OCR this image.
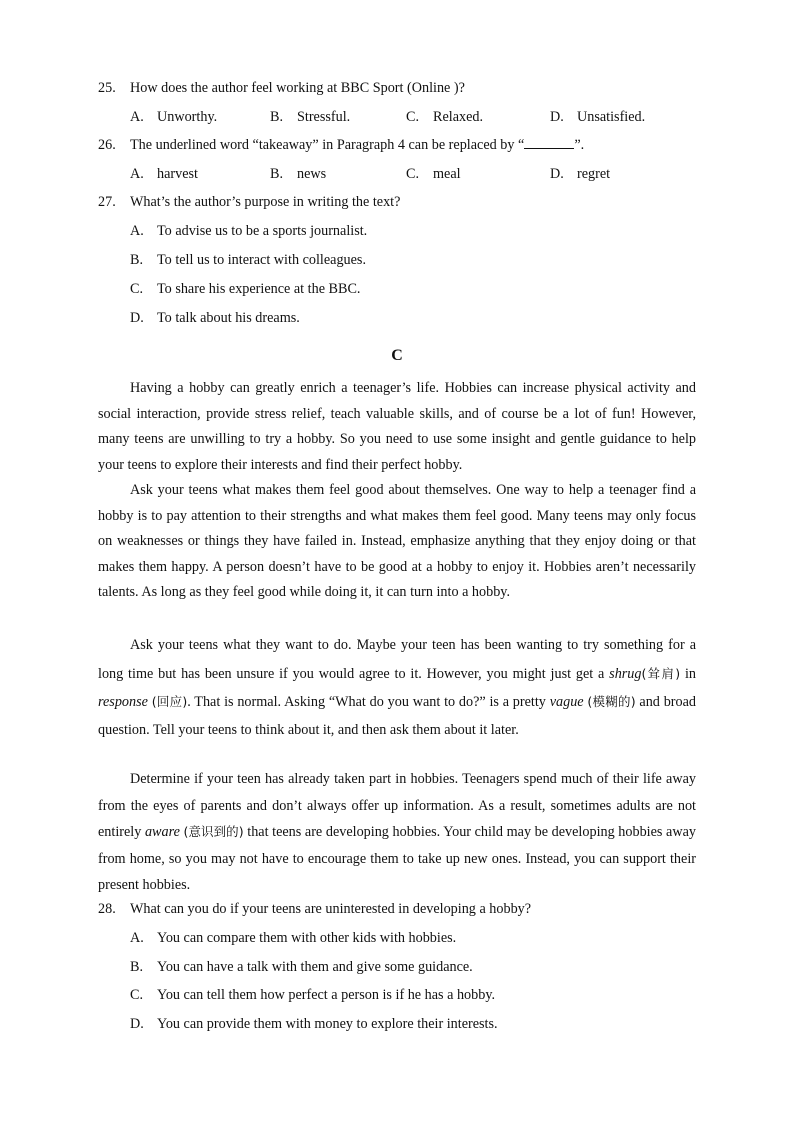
25. How does the author feel working at BBC Sport (Online )?
A. Unworthy.	B. Stressful.	C. Relaxed.	D. Unsatisfied.
26. The underlined word “takeaway” in Paragraph 4 can be replaced by “	”.
A. harvest	B. news	C. meal	D. regret
27. What’s the author’s purpose in writing the text?
A. To advise us to be a sports journalist.
B. To tell us to interact with colleagues.
C. To share his experience at the BBC.
D. To talk about his dreams.
C

Having a hobby can greatly enrich a teenager’s life. Hobbies can increase physical activity and social interaction, provide stress relief, teach valuable skills, and of course be a lot of fun! However, many teens are unwilling to try a hobby. So you need to use some insight and gentle guidance to help your teens to explore their interests and find their perfect hobby.

Ask your teens what makes them feel good about themselves. One way to help a teenager find a hobby is to pay attention to their strengths and what makes them feel good. Many teens may only focus on weaknesses or things they have failed in. Instead, emphasize anything that they enjoy doing or that makes them happy. A person doesn’t have to be good at a hobby to enjoy it. Hobbies aren’t necessarily talents. As long as they feel good while doing it, it can turn into a hobby.

Ask your teens what they want to do. Maybe your teen has been wanting to try something for a long time but has been unsure if you would agree to it. However, you might just get a shrug(耸肩) in response (回应). That is normal. Asking “What do you want to do?” is a pretty vague (模糊的) and broad question. Tell your teens to think about it, and then ask them about it later.

Determine if your teen has already taken part in hobbies. Teenagers spend much of their life away from the eyes of parents and don’t always offer up information. As a result, sometimes adults are not entirely aware (意识到的) that teens are developing hobbies. Your child may be developing hobbies away from home, so you may not have to encourage them to take up new ones. Instead, you can support their present hobbies.

28. What can you do if your teens are uninterested in developing a hobby?
A. You can compare them with other kids with hobbies.
B. You can have a talk with them and give some guidance.
C. You can tell them how perfect a person is if he has a hobby.
D. You can provide them with money to explore their interests.
